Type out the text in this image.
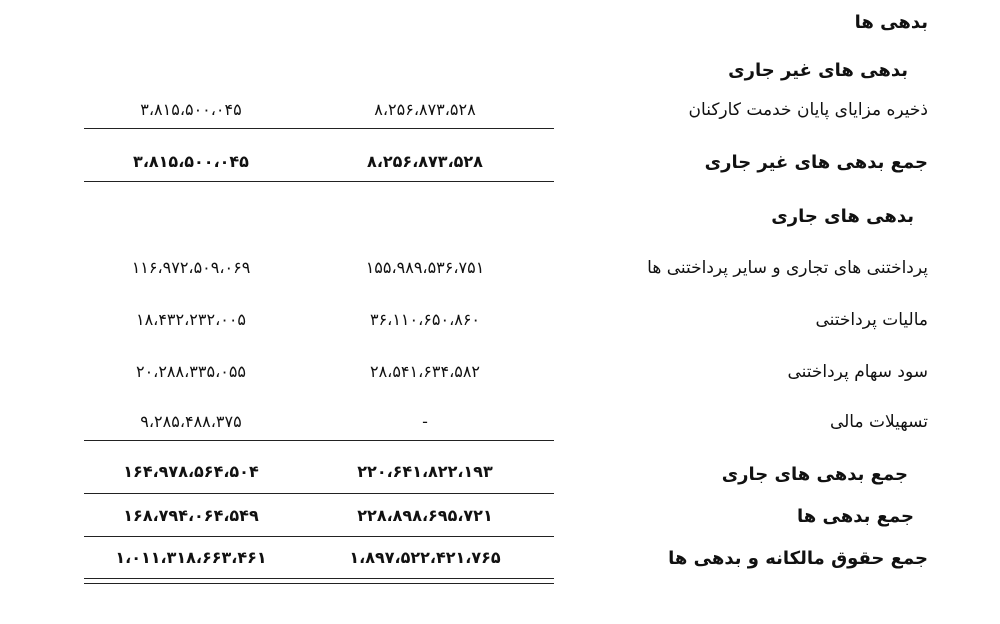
بدهی ها
بدهی های غیر جاری
ذخیره مزایای پایان خدمت کارکنان
۸،۲۵۶،۸۷۳،۵۲۸
۳،۸۱۵،۵۰۰،۰۴۵
جمع بدهی های غیر جاری
۸،۲۵۶،۸۷۳،۵۲۸
۳،۸۱۵،۵۰۰،۰۴۵
بدهی های جاری
پرداختنی های تجاری و سایر پرداختنی ها
۱۵۵،۹۸۹،۵۳۶،۷۵۱
۱۱۶،۹۷۲،۵۰۹،۰۶۹
مالیات پرداختنی
۳۶،۱۱۰،۶۵۰،۸۶۰
۱۸،۴۳۲،۲۳۲،۰۰۵
سود سهام پرداختنی
۲۸،۵۴۱،۶۳۴،۵۸۲
۲۰،۲۸۸،۳۳۵،۰۵۵
تسهیلات مالی
-
۹،۲۸۵،۴۸۸،۳۷۵
جمع بدهی های جاری
۲۲۰،۶۴۱،۸۲۲،۱۹۳
۱۶۴،۹۷۸،۵۶۴،۵۰۴
جمع بدهی ها
۲۲۸،۸۹۸،۶۹۵،۷۲۱
۱۶۸،۷۹۴،۰۶۴،۵۴۹
جمع حقوق مالکانه و بدهی ها
۱،۸۹۷،۵۲۲،۴۲۱،۷۶۵
۱،۰۱۱،۳۱۸،۶۶۳،۴۶۱
